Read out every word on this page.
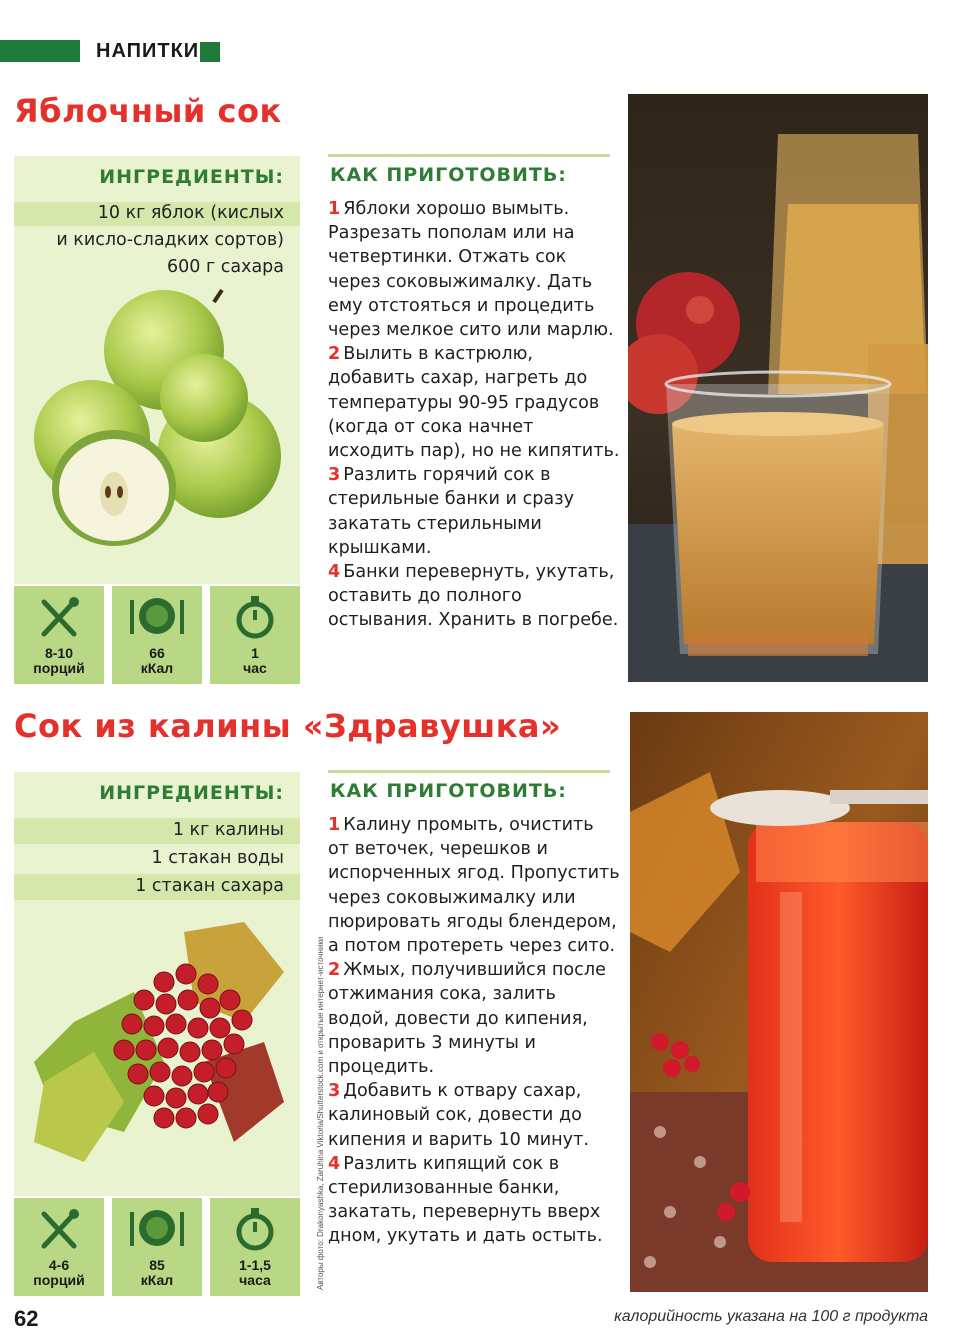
НАПИТКИ
Яблочный сок
ИНГРЕДИЕНТЫ:
10 кг яблок (кислых
и кисло-сладких сортов)
600 г сахара
8-10
порций
66
кКал
1
час
КАК ПРИГОТОВИТЬ:

1 Яблоки хорошо вымыть. Разрезать пополам или на четвертинки. Отжать сок через соковыжималку. Дать ему отстояться и процедить через мелкое сито или марлю.

2 Вылить в кастрюлю, добавить сахар, нагреть до температуры 90-95 градусов (когда от сока начнет исходить пар), но не кипятить.

3 Разлить горячий сок в стерильные банки и сразу закатать стерильными крышками.

4 Банки перевернуть, укутать, оставить до полного остывания. Хранить в погребе.

Сок из калины «Здравушка»
ИНГРЕДИЕНТЫ:
1 кг калины
1 стакан воды
1 стакан сахара
4-6
порций
85
кКал
1-1,5
часа
КАК ПРИГОТОВИТЬ:

1 Калину промыть, очистить от веточек, черешков и испорченных ягод. Пропустить через соковыжималку или пюрировать ягоды блендером, а потом протереть через сито.

2 Жмых, получившийся после отжимания сока, залить водой, довести до кипения, проварить 3 минуты и процедить.

3 Добавить к отвару сахар, калиновый сок, довести до кипения и варить 10 минут.

4 Разлить кипящий сок в стерилизованные банки, закатать, перевернуть вверх дном, укутать и дать остыть.

Авторы фото: Drakonyashka, Zaruhina Viktoria/Shutterstock.com и открытые интернет-источники
62	калорийность указана на 100 г продукта
